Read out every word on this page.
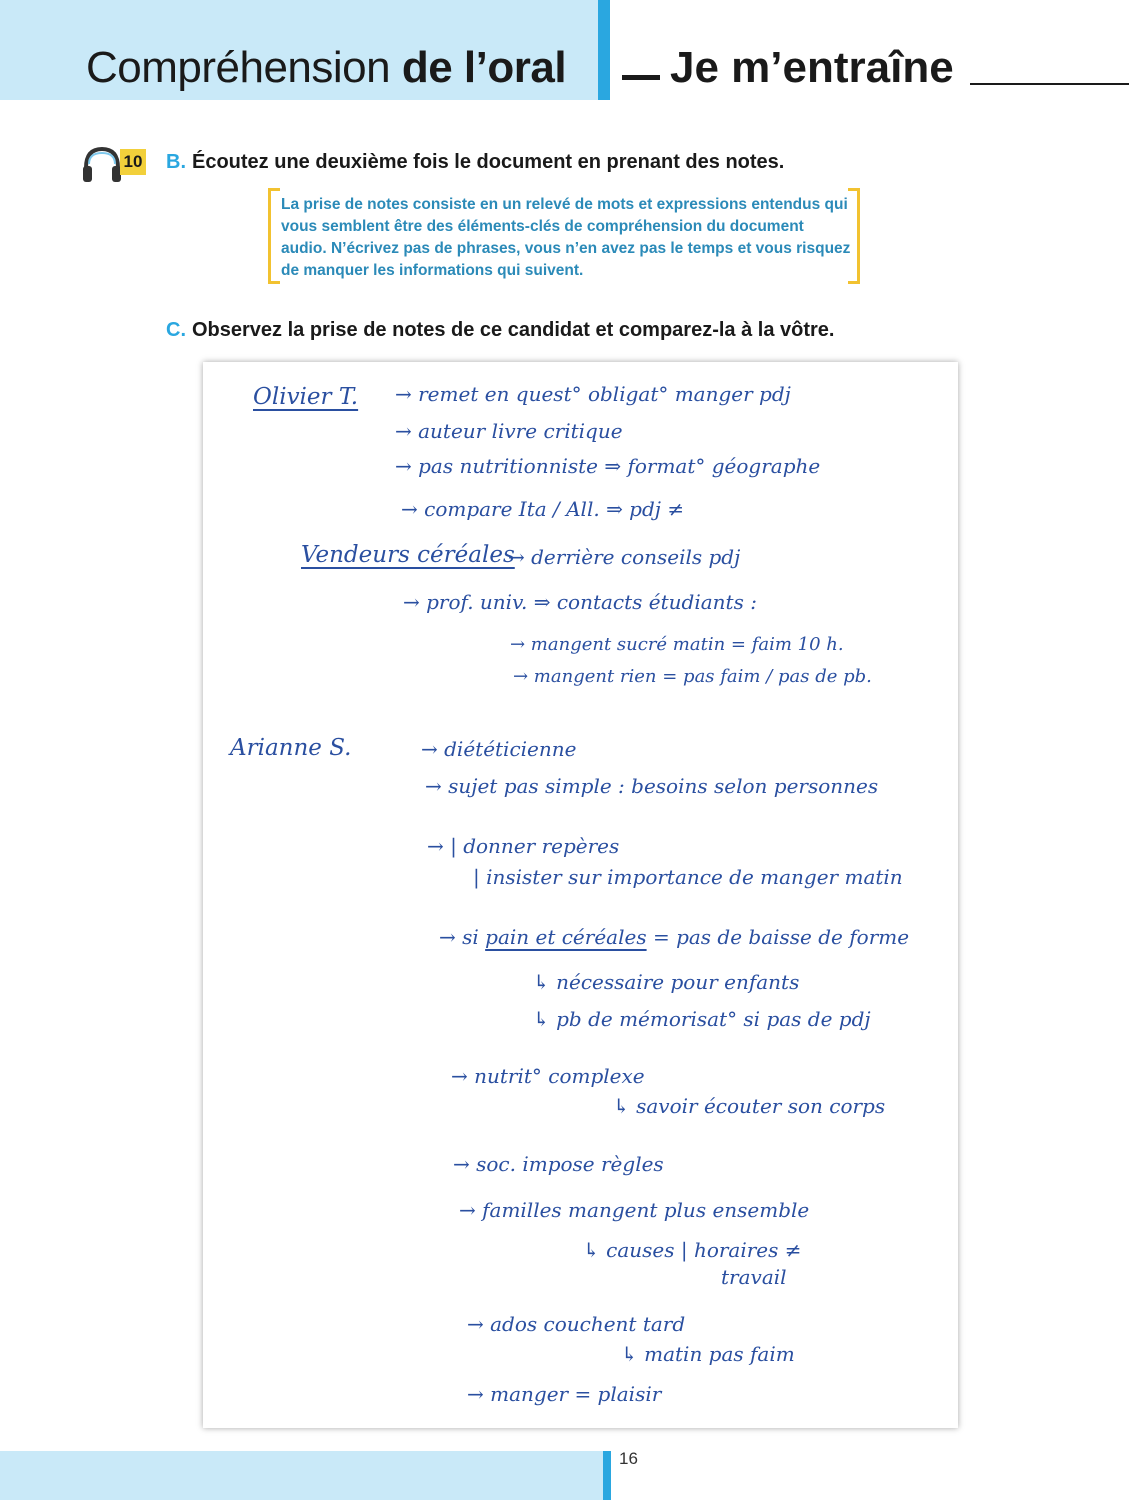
Compréhension de l’oral Je m’entraîne
10 B. Écoutez une deuxième fois le document en prenant des notes.
La prise de notes consiste en un relevé de mots et expressions entendus qui vous semblent être des éléments-clés de compréhension du document audio. N’écrivez pas de phrases, vous n’en avez pas le temps et vous risquez de manquer les informations qui suivent.
C. Observez la prise de notes de ce candidat et comparez-la à la vôtre.
Olivier T. → remet en quest° obligat° manger pdj
→ auteur livre critique
→ pas nutritionniste ⇒ format° géographe
→ compare Ita / All. ⇒ pdj ≠
Vendeurs céréales
→ derrière conseils pdj
→ prof. univ. ⇒ contacts étudiants :
→ mangent sucré matin = faim 10 h.
→ mangent rien = pas faim / pas de pb.
Arianne S.	→ diététicienne
→ sujet pas simple : besoins selon personnes
→ | donner repères
| insister sur importance de manger matin
→ si pain et céréales = pas de baisse de forme
↳ nécessaire pour enfants
↳ pb de mémorisat° si pas de pdj
→ nutrit° complexe
↳ savoir écouter son corps
→ soc. impose règles
→ familles mangent plus ensemble
↳ causes | horaires ≠
travail
→ ados couchent tard
↳ matin pas faim
→ manger = plaisir
16
